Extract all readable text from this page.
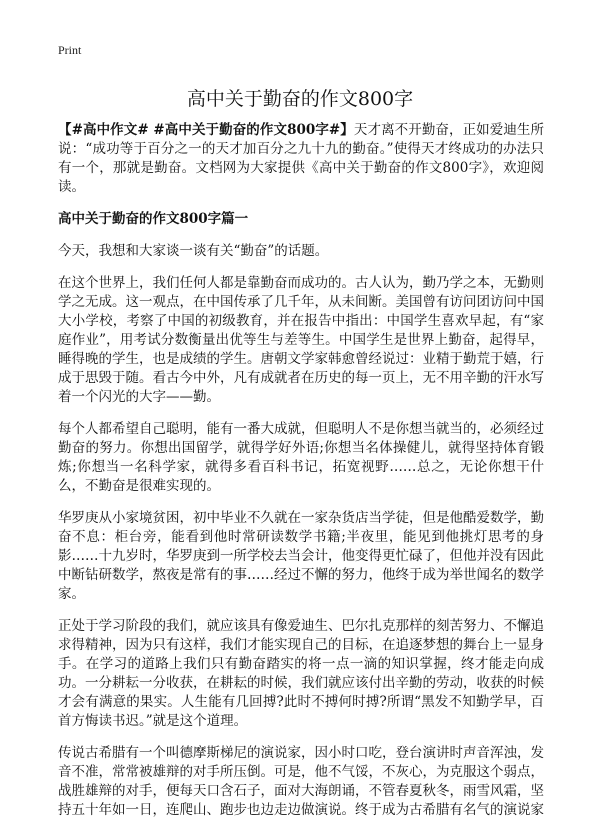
Print
高中关于勤奋的作文800字

【#高中作文# #高中关于勤奋的作文800字#】天才离不开勤奋，正如爱迪生所说：“成功等于百分之一的天才加百分之九十九的勤奋。”使得天才终成功的办法只有一个，那就是勤奋。文档网为大家提供《高中关于勤奋的作文800字》，欢迎阅读。

高中关于勤奋的作文800字篇一

今天，我想和大家谈一谈有关“勤奋”的话题。

在这个世界上，我们任何人都是靠勤奋而成功的。古人认为，勤乃学之本，无勤则学之无成。这一观点，在中国传承了几千年，从未间断。美国曾有访问团访问中国大小学校，考察了中国的初级教育，并在报告中指出：中国学生喜欢早起，有“家庭作业”，用考试分数衡量出优等生与差等生。中国学生是世界上勤奋，起得早，睡得晚的学生，也是成绩的学生。唐朝文学家韩愈曾经说过：业精于勤荒于嬉，行成于思毁于随。看古今中外，凡有成就者在历史的每一页上，无不用辛勤的汗水写着一个闪光的大字——勤。

每个人都希望自己聪明，能有一番大成就，但聪明人不是你想当就当的，必须经过勤奋的努力。你想出国留学，就得学好外语;你想当名体操健儿，就得坚持体育锻炼;你想当一名科学家，就得多看百科书记，拓宽视野……总之，无论你想干什么，不勤奋是很难实现的。

华罗庚从小家境贫困，初中毕业不久就在一家杂货店当学徒，但是他酷爱数学，勤奋不息：柜台旁，能看到他时常研读数学书籍;半夜里，能见到他挑灯思考的身影……十九岁时，华罗庚到一所学校去当会计，他变得更忙碌了，但他并没有因此中断钻研数学，熬夜是常有的事……经过不懈的努力，他终于成为举世闻名的数学家。

正处于学习阶段的我们，就应该具有像爱迪生、巴尔扎克那样的刻苦努力、不懈追求得精神，因为只有这样，我们才能实现自己的目标，在追逐梦想的舞台上一显身手。在学习的道路上我们只有勤奋踏实的将一点一滴的知识掌握，终才能走向成功。一分耕耘一分收获，在耕耘的时候，我们就应该付出辛勤的劳动，收获的时候才会有满意的果实。人生能有几回搏?此时不搏何时搏?所谓“黑发不知勤学早，百首方悔读书迟。”就是这个道理。

传说古希腊有一个叫德摩斯梯尼的演说家，因小时口吃，登台演讲时声音浑浊，发音不准，常常被雄辩的对手所压倒。可是，他不气馁，不灰心，为克服这个弱点，战胜雄辩的对手，便每天口含石子，面对大海朗诵，不管春夏秋冬，雨雪风霜，坚持五十年如一日，连爬山、跑步也边走边做演说。终于成为古希腊有名气的演说家
